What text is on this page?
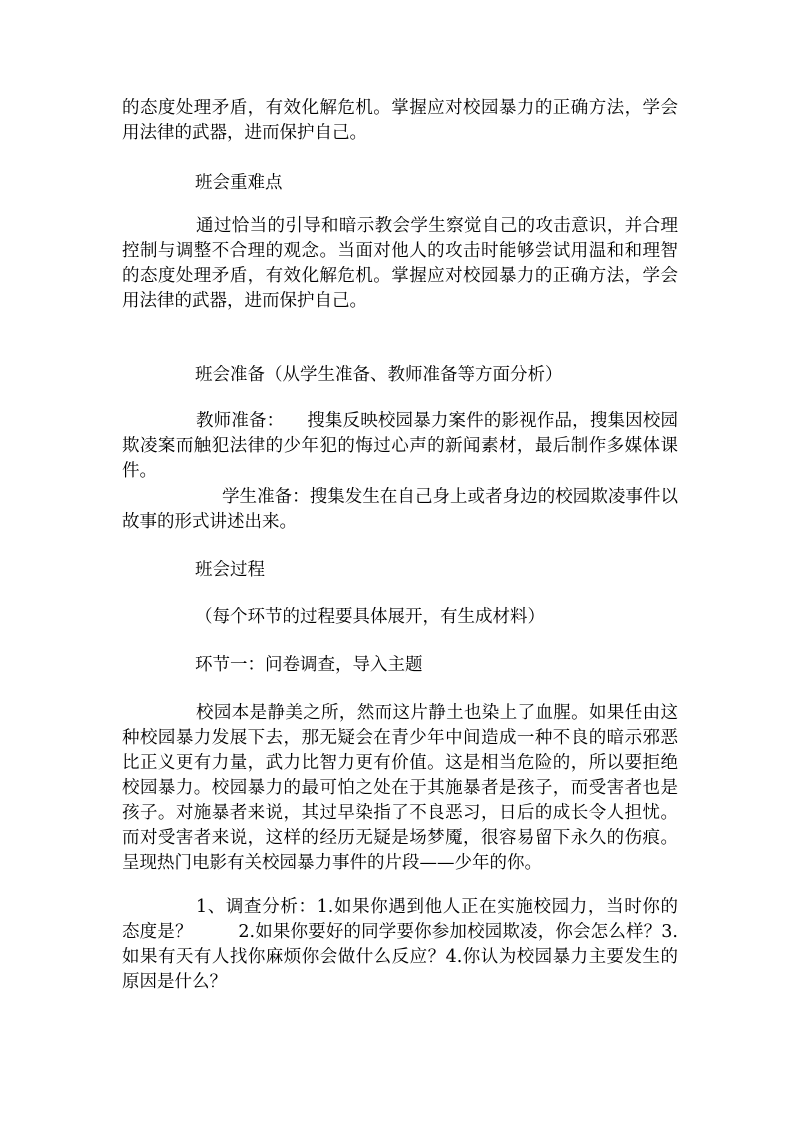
的态度处理矛盾，有效化解危机。掌握应对校园暴力的正确方法，学会用法律的武器，进而保护自己。

班会重难点

通过恰当的引导和暗示教会学生察觉自己的攻击意识，并合理控制与调整不合理的观念。当面对他人的攻击时能够尝试用温和和理智的态度处理矛盾，有效化解危机。掌握应对校园暴力的正确方法，学会用法律的武器，进而保护自己。

班会准备（从学生准备、教师准备等方面分析）

教师准备：    搜集反映校园暴力案件的影视作品，搜集因校园欺凌案而触犯法律的少年犯的悔过心声的新闻素材，最后制作多媒体课件。

学生准备：搜集发生在自己身上或者身边的校园欺凌事件以故事的形式讲述出来。

班会过程

（每个环节的过程要具体展开，有生成材料）

环节一：问卷调查，导入主题

校园本是静美之所，然而这片静土也染上了血腥。如果任由这种校园暴力发展下去，那无疑会在青少年中间造成一种不良的暗示邪恶比正义更有力量，武力比智力更有价值。这是相当危险的，所以要拒绝校园暴力。校园暴力的最可怕之处在于其施暴者是孩子，而受害者也是孩子。对施暴者来说，其过早染指了不良恶习，日后的成长令人担忧。而对受害者来说，这样的经历无疑是场梦魇，很容易留下永久的伤痕。呈现热门电影有关校园暴力事件的片段——少年的你。

1、调查分析：1.如果你遇到他人正在实施校园力，当时你的态度是？        2.如果你要好的同学要你参加校园欺凌，你会怎么样？3.如果有天有人找你麻烦你会做什么反应？4.你认为校园暴力主要发生的原因是什么？
